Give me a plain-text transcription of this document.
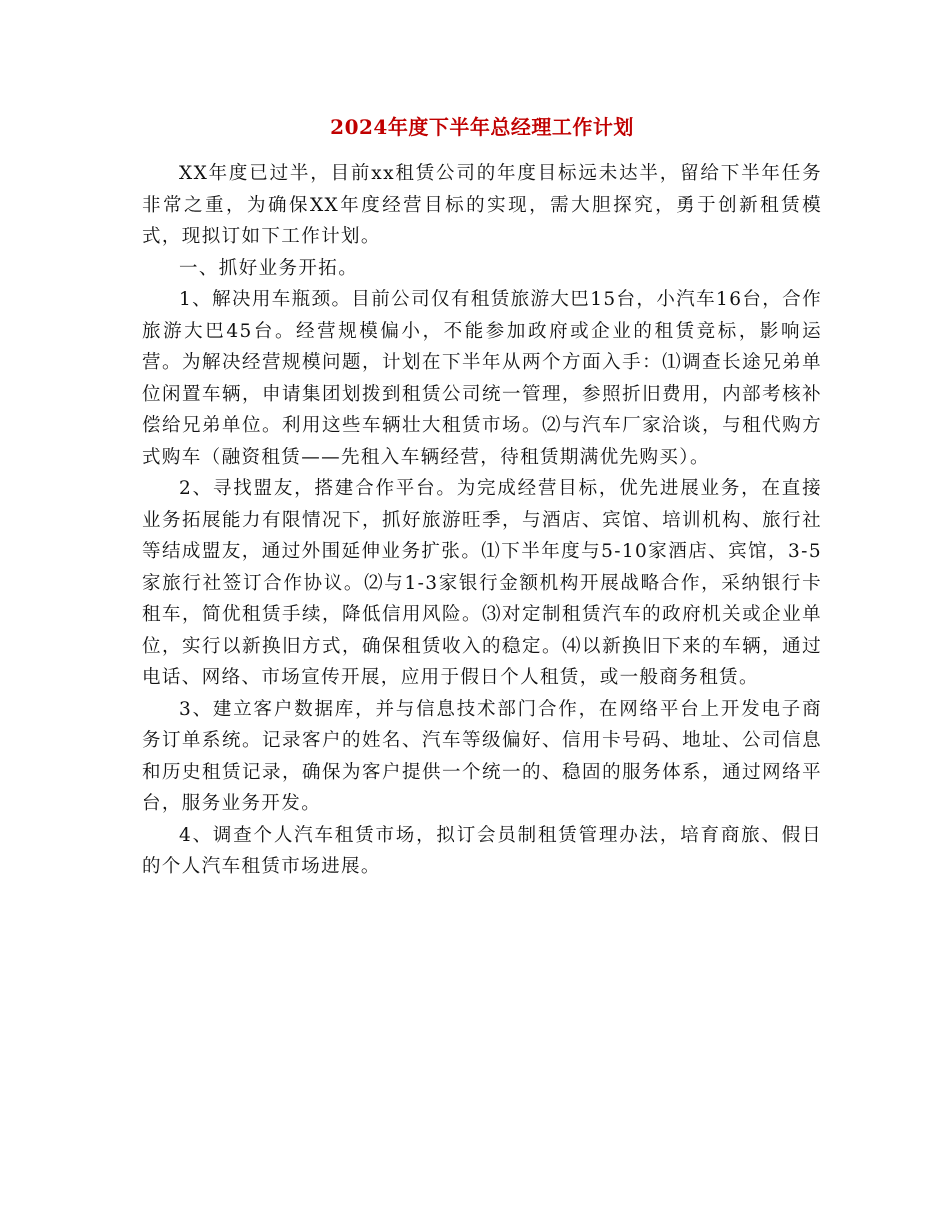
2024年度下半年总经理工作计划

XX年度已过半，目前xx租赁公司的年度目标远未达半，留给下半年任务非常之重，为确保XX年度经营目标的实现，需大胆探究，勇于创新租赁模式，现拟订如下工作计划。

一、抓好业务开拓。

1、解决用车瓶颈。目前公司仅有租赁旅游大巴15台，小汽车16台，合作旅游大巴45台。经营规模偏小，不能参加政府或企业的租赁竞标，影响运营。为解决经营规模问题，计划在下半年从两个方面入手：⑴调查长途兄弟单位闲置车辆，申请集团划拨到租赁公司统一管理，参照折旧费用，内部考核补偿给兄弟单位。利用这些车辆壮大租赁市场。⑵与汽车厂家洽谈，与租代购方式购车（融资租赁——先租入车辆经营，待租赁期满优先购买）。

2、寻找盟友，搭建合作平台。为完成经营目标，优先进展业务，在直接业务拓展能力有限情况下，抓好旅游旺季，与酒店、宾馆、培训机构、旅行社等结成盟友，通过外围延伸业务扩张。⑴下半年度与5-10家酒店、宾馆，3-5家旅行社签订合作协议。⑵与1-3家银行金额机构开展战略合作，采纳银行卡租车，简优租赁手续，降低信用风险。⑶对定制租赁汽车的政府机关或企业单位，实行以新换旧方式，确保租赁收入的稳定。⑷以新换旧下来的车辆，通过电话、网络、市场宣传开展，应用于假日个人租赁，或一般商务租赁。

3、建立客户数据库，并与信息技术部门合作，在网络平台上开发电子商务订单系统。记录客户的姓名、汽车等级偏好、信用卡号码、地址、公司信息和历史租赁记录，确保为客户提供一个统一的、稳固的服务体系，通过网络平台，服务业务开发。

4、调查个人汽车租赁市场，拟订会员制租赁管理办法，培育商旅、假日的个人汽车租赁市场进展。
